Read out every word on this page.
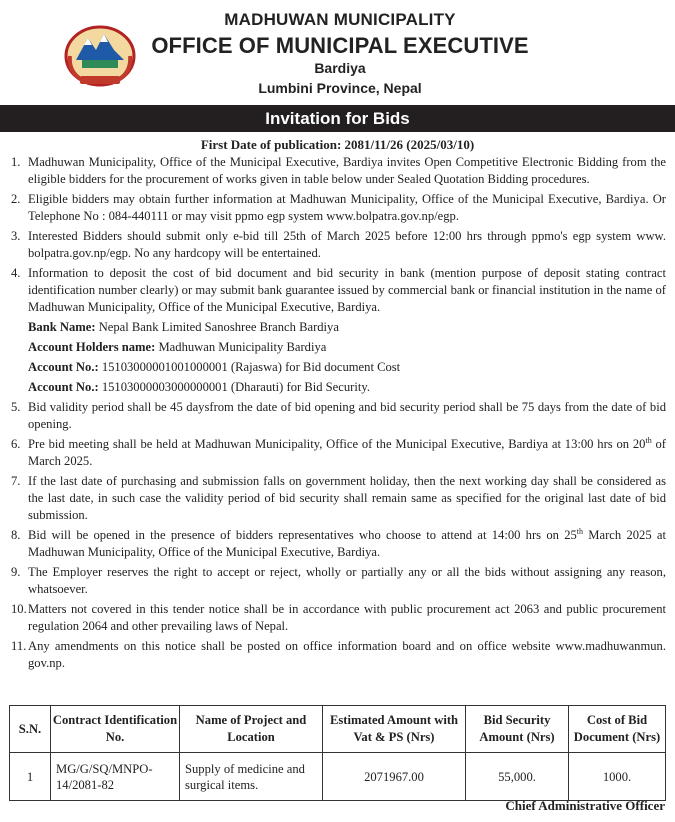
MADHUWAN MUNICIPALITY
OFFICE OF MUNICIPAL EXECUTIVE
Bardiya
Lumbini Province, Nepal
Invitation for Bids
First Date of publication: 2081/11/26 (2025/03/10)
1. Madhuwan Municipality, Office of the Municipal Executive, Bardiya invites Open Competitive Electronic Bidding from the eligible bidders for the procurement of works given in table below under Sealed Quotation Bidding procedures.
2. Eligible bidders may obtain further information at Madhuwan Municipality, Office of the Municipal Executive, Bardiya. Or Telephone No : 084-440111 or may visit ppmo egp system www.bolpatra.gov.np/egp.
3. Interested Bidders should submit only e-bid till 25th of March 2025 before 12:00 hrs through ppmo's egp system www. bolpatra.gov.np/egp. No any hardcopy will be entertained.
4. Information to deposit the cost of bid document and bid security in bank (mention purpose of deposit stating contract identification number clearly) or may submit bank guarantee issued by commercial bank or financial institution in the name of Madhuwan Municipality, Office of the Municipal Executive, Bardiya.
Bank Name: Nepal Bank Limited Sanoshree Branch Bardiya
Account Holders name: Madhuwan Municipality Bardiya
Account No.: 15103000001001000001 (Rajaswa) for Bid document Cost
Account No.: 15103000003000000001 (Dharauti) for Bid Security.
5. Bid validity period shall be 45 daysfrom the date of bid opening and bid security period shall be 75 days from the date of bid opening.
6. Pre bid meeting shall be held at Madhuwan Municipality, Office of the Municipal Executive, Bardiya at 13:00 hrs on 20th of March 2025.
7. If the last date of purchasing and submission falls on government holiday, then the next working day shall be considered as the last date, in such case the validity period of bid security shall remain same as specified for the original last date of bid submission.
8. Bid will be opened in the presence of bidders representatives who choose to attend at 14:00 hrs on 25th March 2025 at Madhuwan Municipality, Office of the Municipal Executive, Bardiya.
9. The Employer reserves the right to accept or reject, wholly or partially any or all the bids without assigning any reason, whatsoever.
10. Matters not covered in this tender notice shall be in accordance with public procurement act 2063 and public procurement regulation 2064 and other prevailing laws of Nepal.
11. Any amendments on this notice shall be posted on office information board and on office website www.madhuwanmun. gov.np.
S.N.	Contract Identification No.	Name of Project and Location	Estimated Amount with Vat & PS (Nrs)	Bid Security Amount (Nrs)	Cost of Bid Document (Nrs)
1	MG/G/SQ/MNPO-14/2081-82	Supply of medicine and surgical items.	2071967.00	55,000.	1000.
Chief Administrative Officer
